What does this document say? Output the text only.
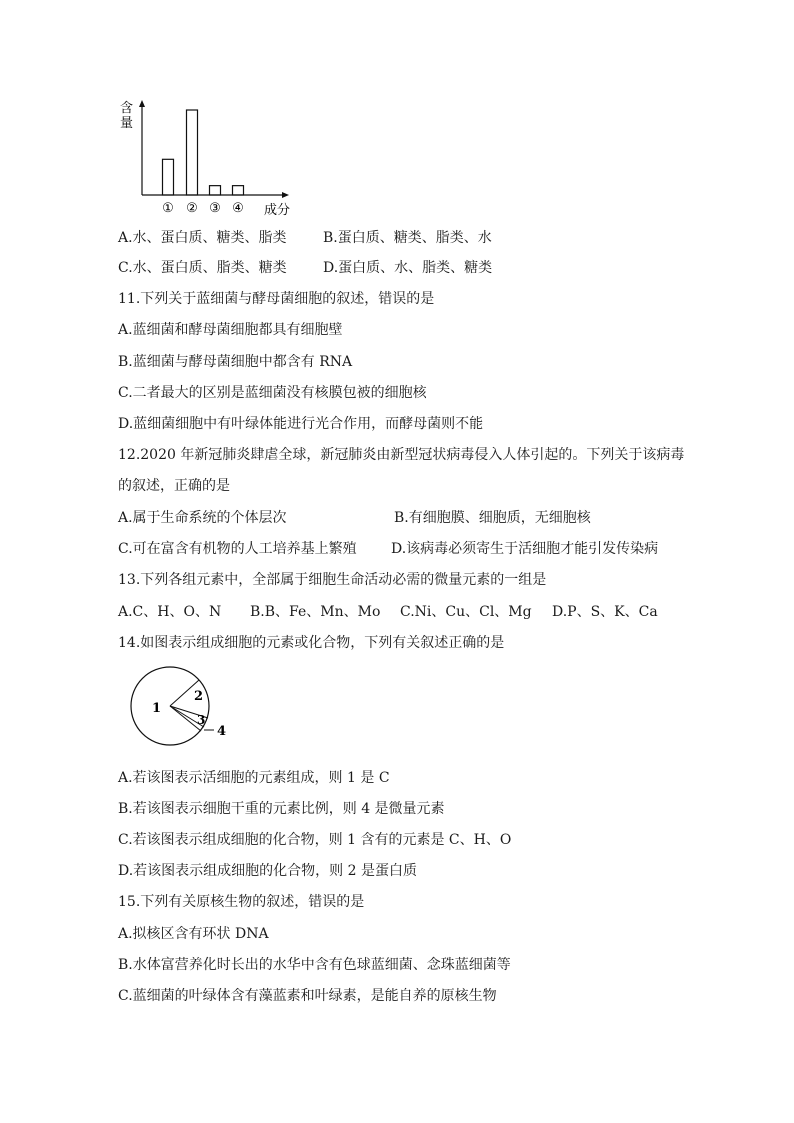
含
量
① ② ③ ④ 成分
A.水、蛋白质、糖类、脂类	B.蛋白质、糖类、脂类、水
C.水、蛋白质、脂类、糖类	D.蛋白质、水、脂类、糖类
11.下列关于蓝细菌与酵母菌细胞的叙述，错误的是
A.蓝细菌和酵母菌细胞都具有细胞壁
B.蓝细菌与酵母菌细胞中都含有 RNA
C.二者最大的区别是蓝细菌没有核膜包被的细胞核
D.蓝细菌细胞中有叶绿体能进行光合作用，而酵母菌则不能
12.2020 年新冠肺炎肆虐全球，新冠肺炎由新型冠状病毒侵入人体引起的。下列关于该病毒
的叙述，正确的是
A.属于生命系统的个体层次	B.有细胞膜、细胞质，无细胞核
C.可在富含有机物的人工培养基上繁殖 D.该病毒必须寄生于活细胞才能引发传染病
13.下列各组元素中，全部属于细胞生命活动必需的微量元素的一组是
A.C、H、O、N B.B、Fe、Mn、Mo C.Ni、Cu、Cl、Mg D.P、S、K、Ca
14.如图表示组成细胞的元素或化合物，下列有关叙述正确的是
1
2
3
4
A.若该图表示活细胞的元素组成，则 1 是 C
B.若该图表示细胞干重的元素比例，则 4 是微量元素
C.若该图表示组成细胞的化合物，则 1 含有的元素是 C、H、O
D.若该图表示组成细胞的化合物，则 2 是蛋白质
15.下列有关原核生物的叙述，错误的是
A.拟核区含有环状 DNA
B.水体富营养化时长出的水华中含有色球蓝细菌、念珠蓝细菌等
C.蓝细菌的叶绿体含有藻蓝素和叶绿素，是能自养的原核生物
